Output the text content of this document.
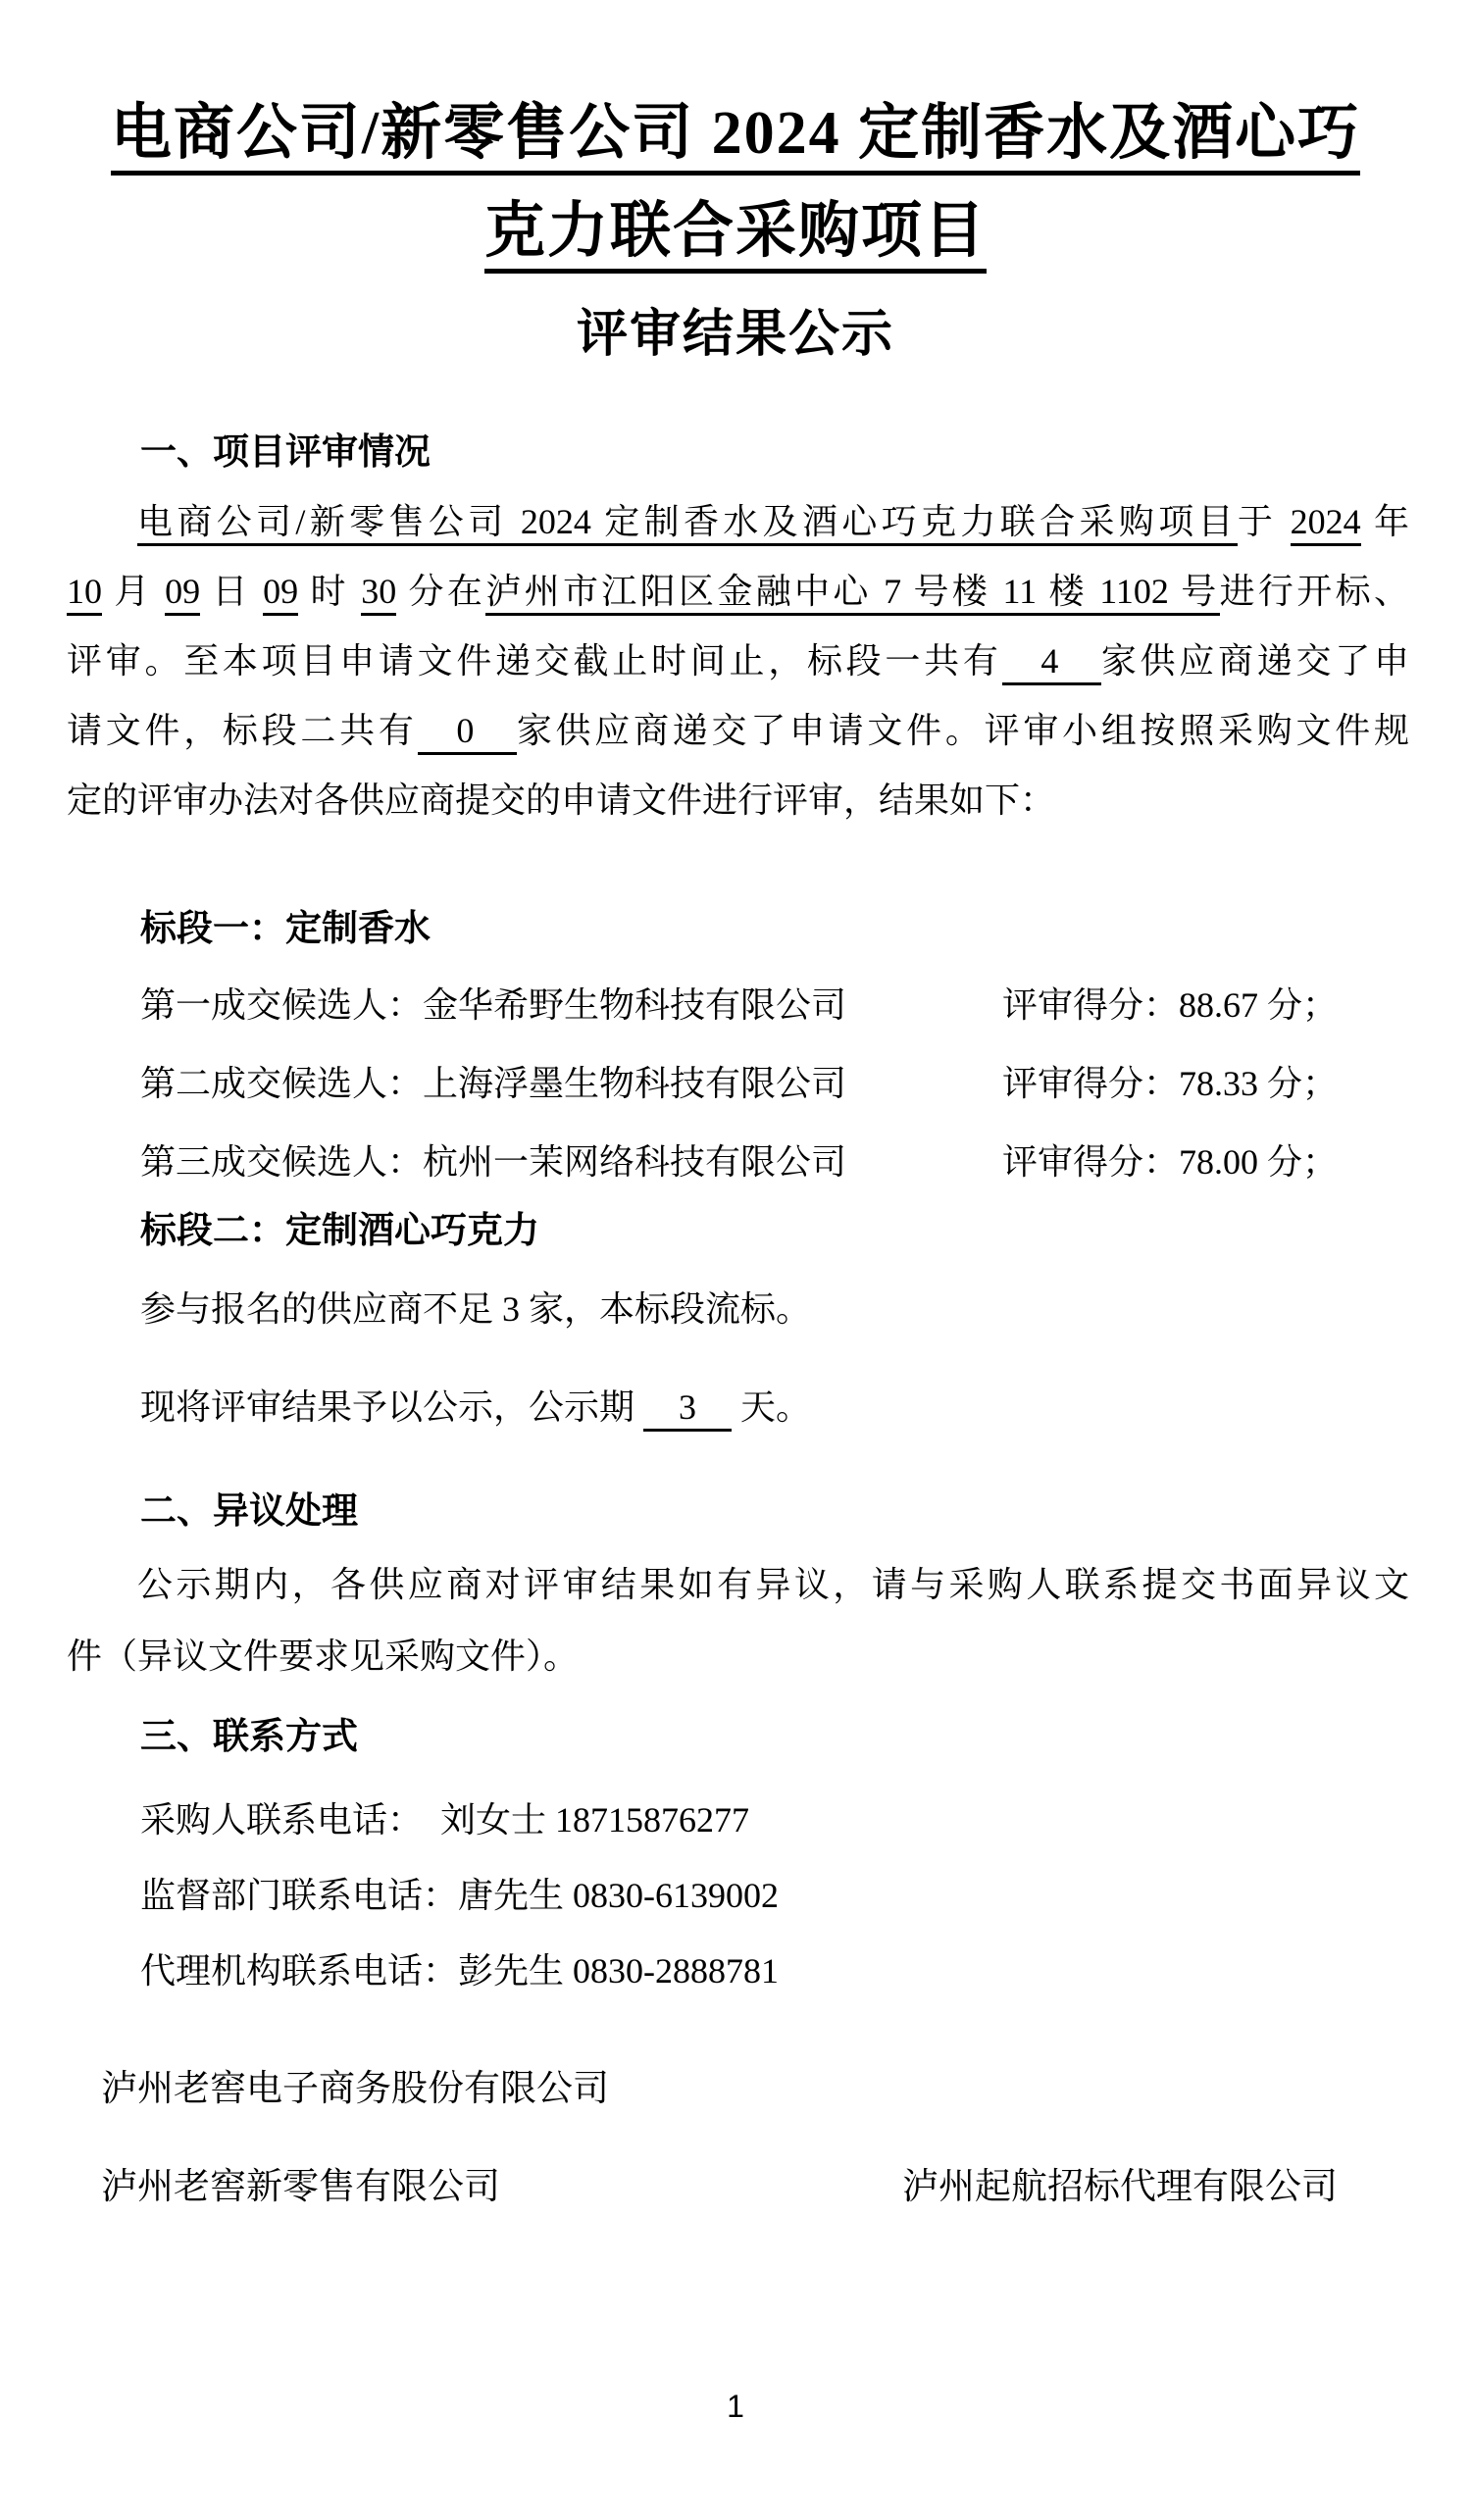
电商公司/新零售公司 2024 定制香水及酒心巧
克力联合采购项目
评审结果公示
一、项目评审情况
电商公司/新零售公司 2024 定制香水及酒心巧克力联合采购项目于 2024 年
10 月 09 日 09 时 30 分在泸州市江阳区金融中心 7 号楼 11 楼 1102 号进行开标、
评审。至本项目申请文件递交截止时间止，标段一共有　4　家供应商递交了申
请文件，标段二共有　0　家供应商递交了申请文件。评审小组按照采购文件规
定的评审办法对各供应商提交的申请文件进行评审，结果如下：
标段一：定制香水
第一成交候选人：金华希野生物科技有限公司	评审得分：88.67 分；
第二成交候选人：上海浮墨生物科技有限公司	评审得分：78.33 分；
第三成交候选人：杭州一茉网络科技有限公司	评审得分：78.00 分；
标段二：定制酒心巧克力
参与报名的供应商不足 3 家，本标段流标。
现将评审结果予以公示，公示期 　3　 天。
二、异议处理
公示期内，各供应商对评审结果如有异议，请与采购人联系提交书面异议文
件（异议文件要求见采购文件）。
三、联系方式
采购人联系电话：　刘女士 18715876277
监督部门联系电话：唐先生 0830-6139002
代理机构联系电话：彭先生 0830-2888781
泸州老窖电子商务股份有限公司
泸州老窖新零售有限公司	泸州起航招标代理有限公司
1
